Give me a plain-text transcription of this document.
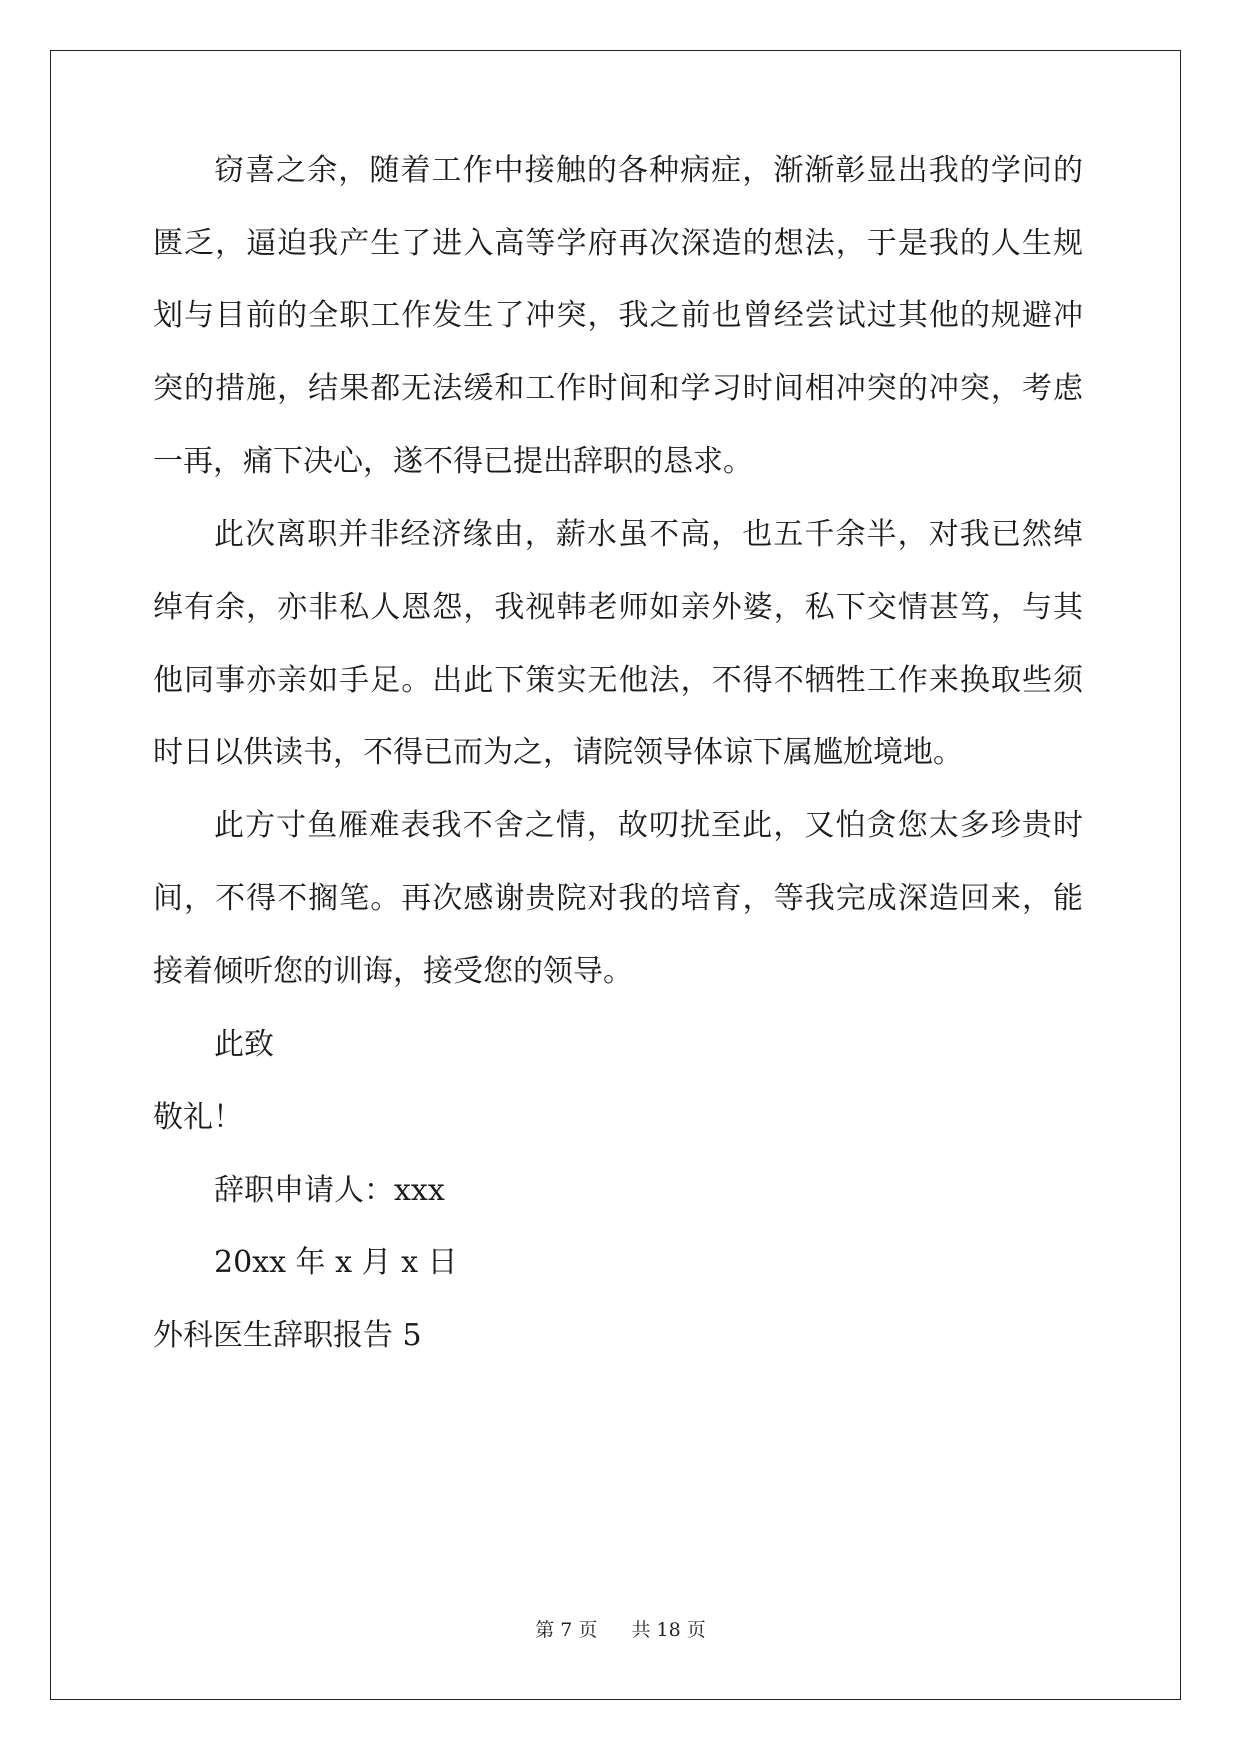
窃喜之余，随着工作中接触的各种病症，渐渐彰显出我的学问的
匮乏，逼迫我产生了进入高等学府再次深造的想法，于是我的人生规
划与目前的全职工作发生了冲突，我之前也曾经尝试过其他的规避冲
突的措施，结果都无法缓和工作时间和学习时间相冲突的冲突，考虑
一再，痛下决心，遂不得已提出辞职的恳求。
此次离职并非经济缘由，薪水虽不高，也五千余半，对我已然绰
绰有余，亦非私人恩怨，我视韩老师如亲外婆，私下交情甚笃，与其
他同事亦亲如手足。出此下策实无他法，不得不牺牲工作来换取些须
时日以供读书，不得已而为之，请院领导体谅下属尴尬境地。
此方寸鱼雁难表我不舍之情，故叨扰至此，又怕贪您太多珍贵时
间，不得不搁笔。再次感谢贵院对我的培育，等我完成深造回来，能
接着倾听您的训诲，接受您的领导。
此致
敬礼！
辞职申请人：xxx
20xx 年 x 月 x 日
外科医生辞职报告 5
第 7 页 共 18 页
